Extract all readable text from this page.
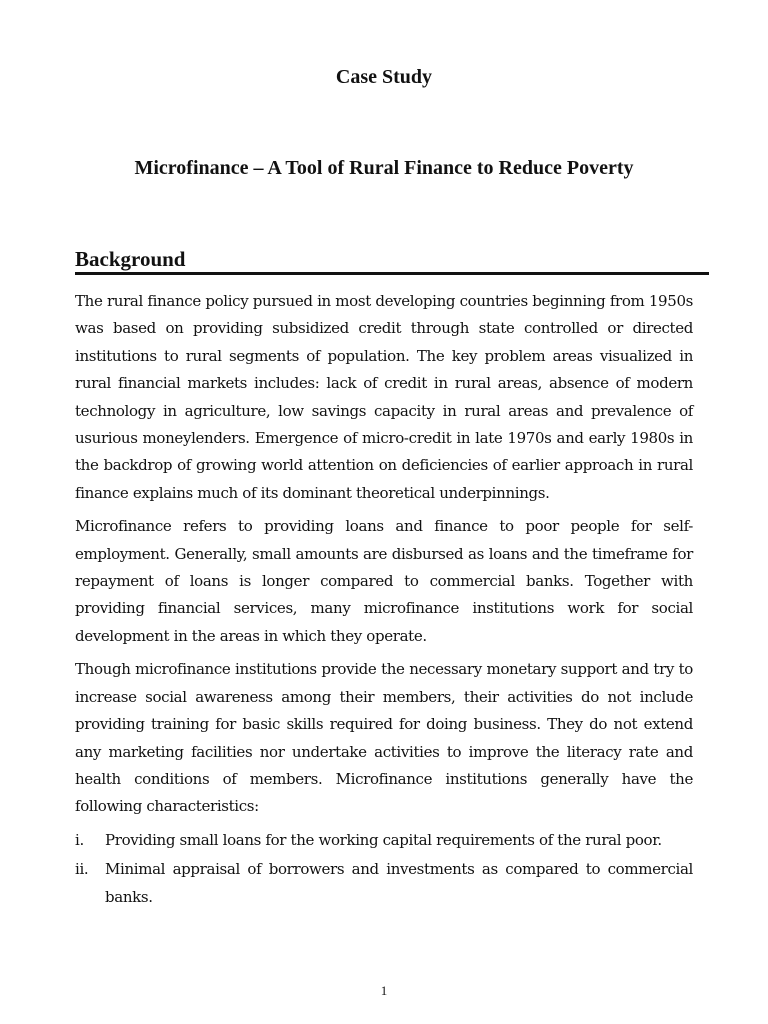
Case Study
Microfinance – A Tool of Rural Finance to Reduce Poverty
Background

The rural finance policy pursued in most developing countries beginning from 1950s was based on providing subsidized credit through state controlled or directed institutions to rural segments of population. The key problem areas visualized in rural financial markets includes: lack of credit in rural areas, absence of modern technology in agriculture, low savings capacity in rural areas and prevalence of usurious moneylenders. Emergence of micro-credit in late 1970s and early 1980s in the backdrop of growing world attention on deficiencies of earlier approach in rural finance explains much of its dominant theoretical underpinnings.

Microfinance refers to providing loans and finance to poor people for self-employment. Generally, small amounts are disbursed as loans and the timeframe for repayment of loans is longer compared to commercial banks. Together with providing financial services, many microfinance institutions work for social development in the areas in which they operate.

Though microfinance institutions provide the necessary monetary support and try to increase social awareness among their members, their activities do not include providing training for basic skills required for doing business. They do not extend any marketing facilities nor undertake activities to improve the literacy rate and health conditions of members. Microfinance institutions generally have the following characteristics:

i. Providing small loans for the working capital requirements of the rural poor.
ii. Minimal appraisal of borrowers and investments as compared to commercial banks.
1
